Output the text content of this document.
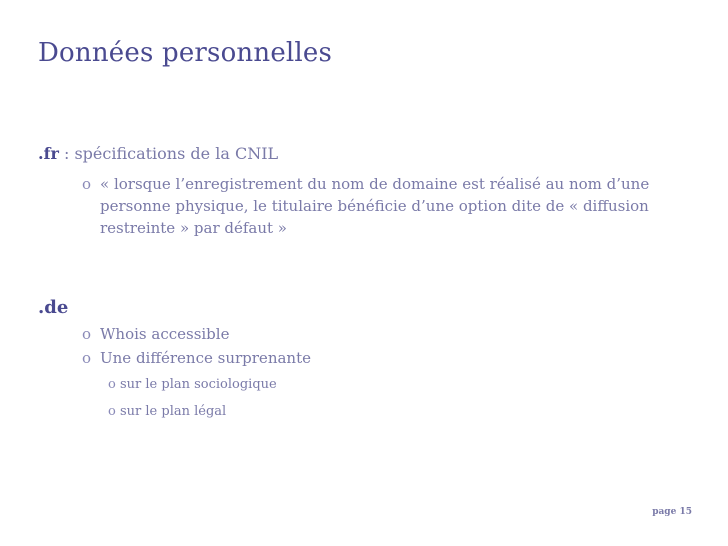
Données personnelles
.fr : spécifications de la CNIL
o « lorsque l’enregistrement du nom de domaine est réalisé au nom d’une personne physique, le titulaire bénéficie d’une option dite de « diffusion restreinte » par défaut »
.de
o Whois accessible
o Une différence surprenante
o sur le plan sociologique
o sur le plan légal
page 15
